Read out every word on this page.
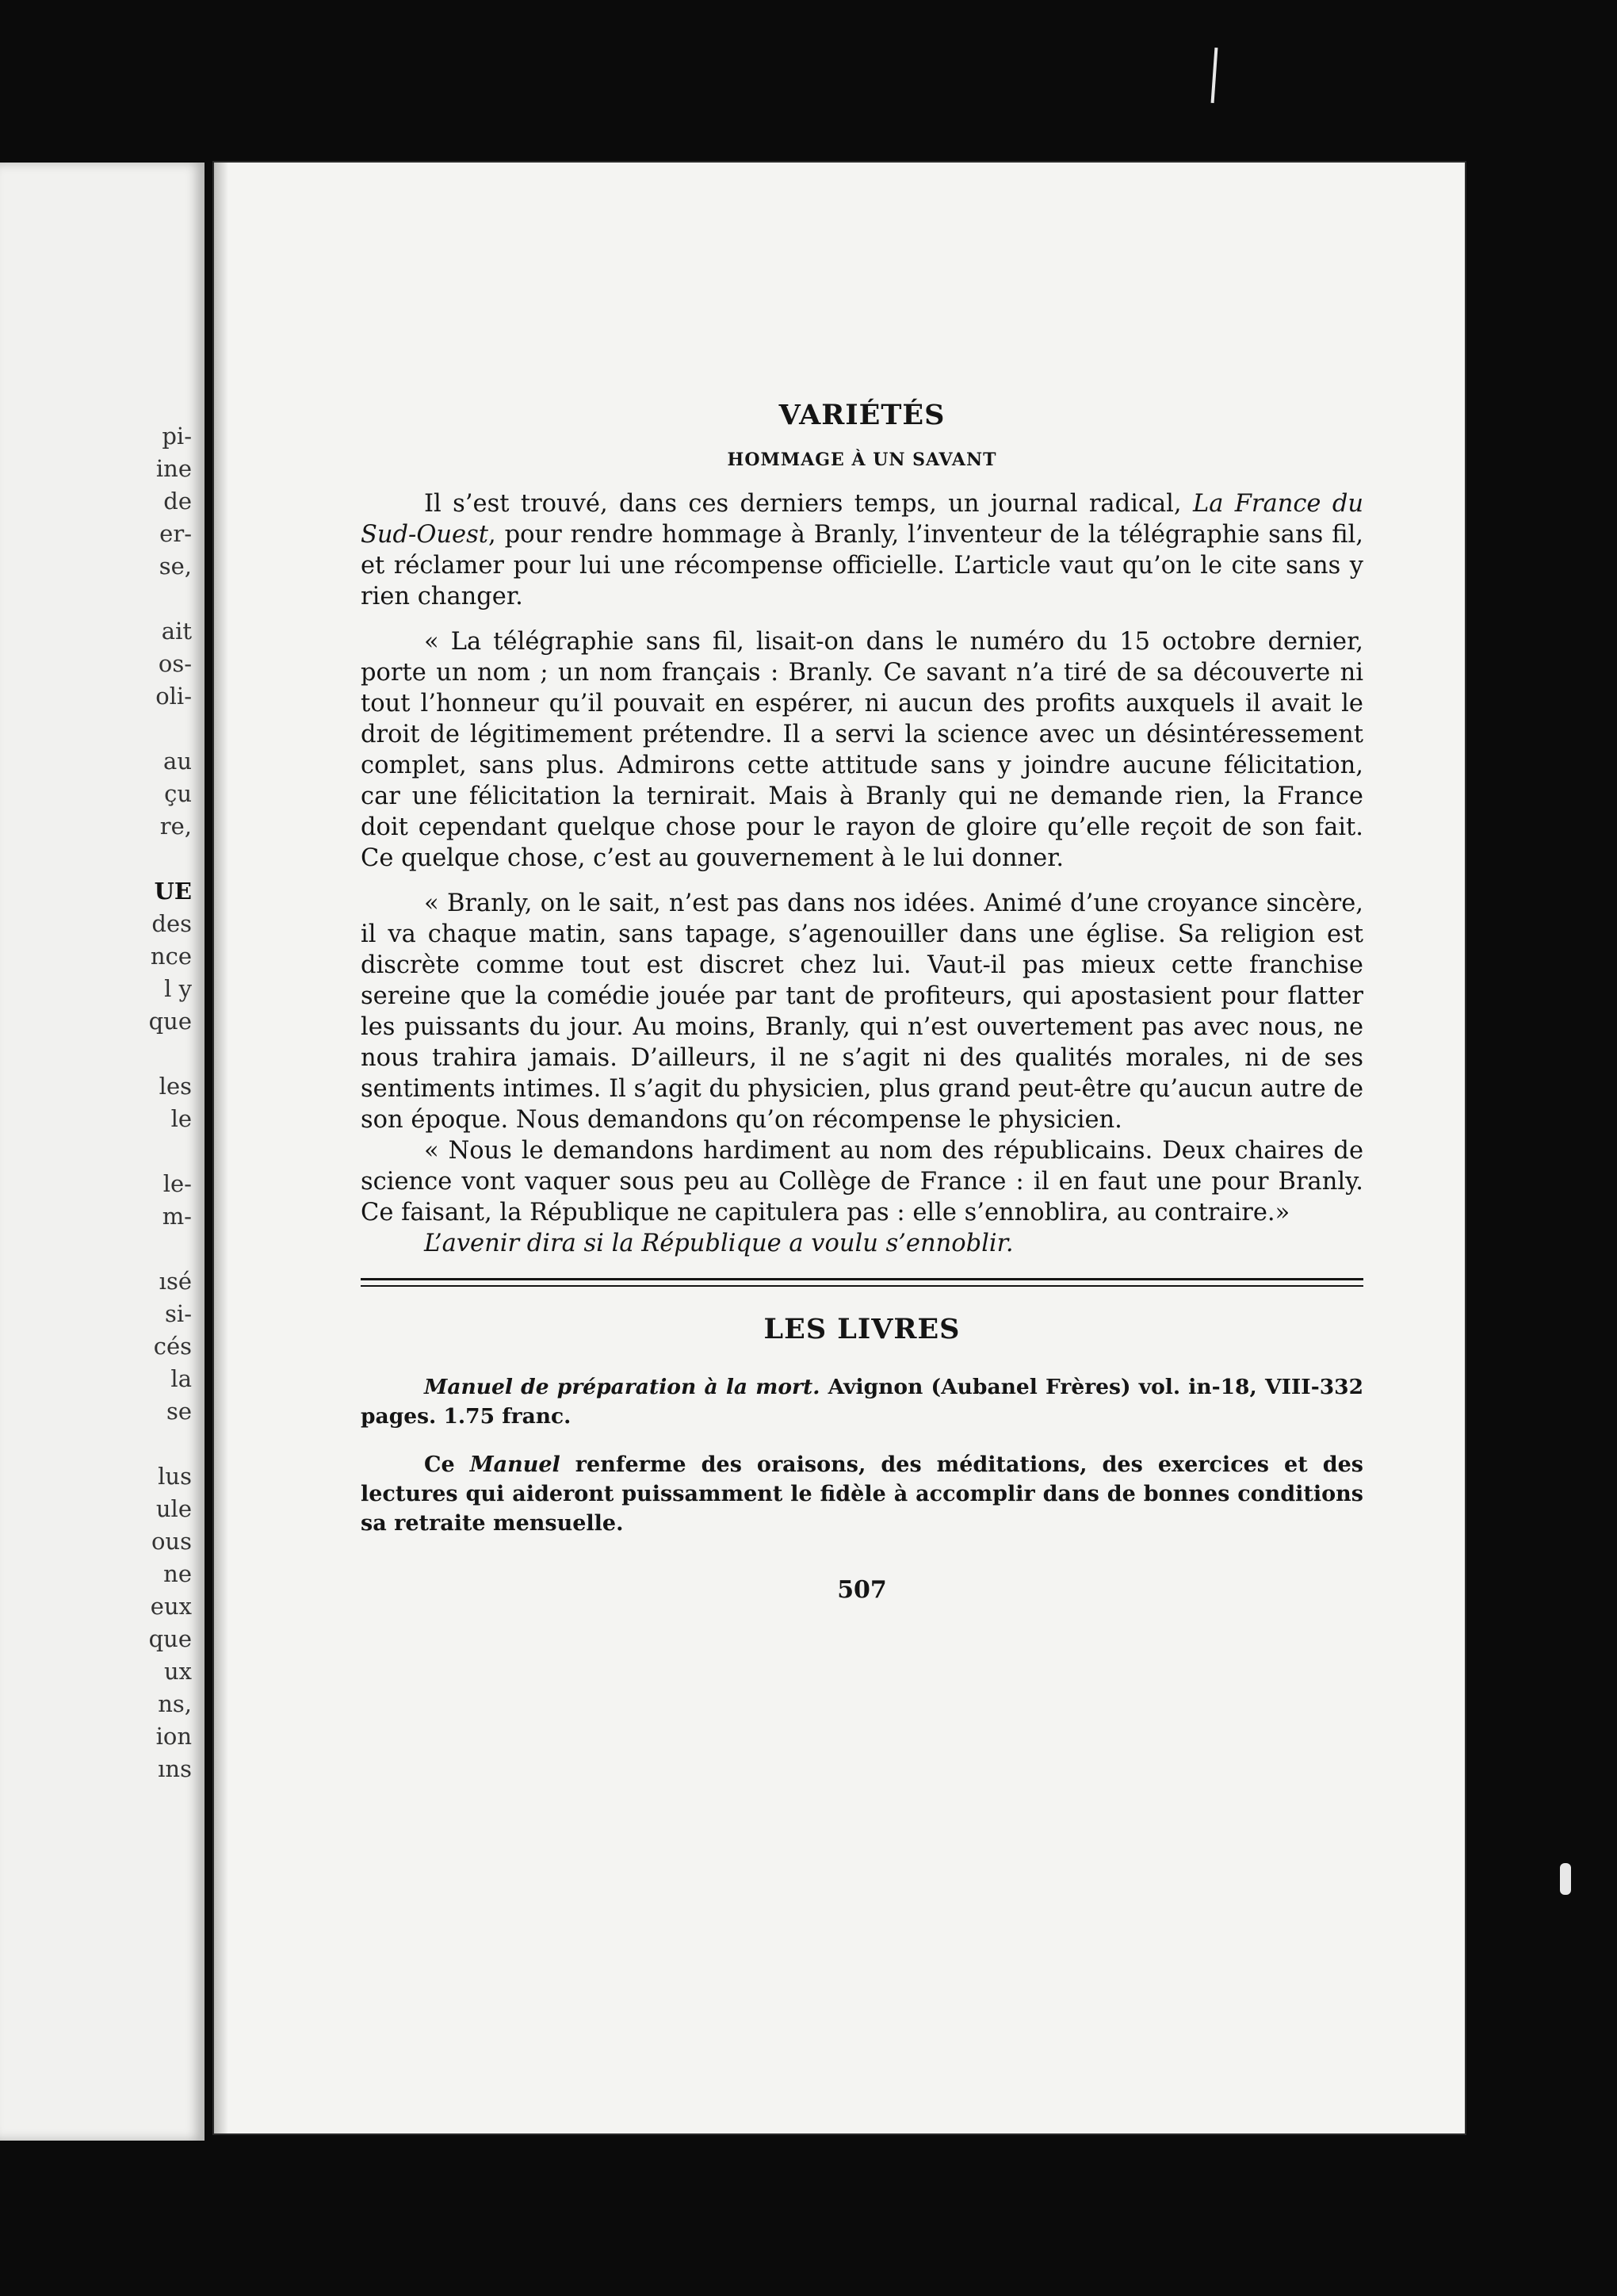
pi-
ine
de
er-
se,
ait
os-
oli-
au
çu
re,
UE
des
nce
l y
que
les
le
le-
m-
ısé
si-
cés
la
se
lus
ule
ous
ne
eux
que
ux
ns,
ion
ıns
VARIÉTÉS
HOMMAGE À UN SAVANT

Il s’est trouvé, dans ces derniers temps, un journal radical, La France du Sud-Ouest, pour rendre hommage à Branly, l’inventeur de la télégraphie sans fil, et réclamer pour lui une récompense officielle. L’article vaut qu’on le cite sans y rien changer.

« La télégraphie sans fil, lisait-on dans le numéro du 15 octobre dernier, porte un nom ; un nom français : Branly. Ce savant n’a tiré de sa découverte ni tout l’honneur qu’il pouvait en espérer, ni aucun des profits auxquels il avait le droit de légitimement prétendre. Il a servi la science avec un désintéressement complet, sans plus. Admirons cette attitude sans y joindre aucune félicitation, car une félicitation la ternirait. Mais à Branly qui ne demande rien, la France doit cependant quelque chose pour le rayon de gloire qu’elle reçoit de son fait. Ce quelque chose, c’est au gouvernement à le lui donner.

« Branly, on le sait, n’est pas dans nos idées. Animé d’une croyance sincère, il va chaque matin, sans tapage, s’agenouiller dans une église. Sa religion est discrète comme tout est discret chez lui. Vaut-il pas mieux cette franchise sereine que la comédie jouée par tant de profiteurs, qui apostasient pour flatter les puissants du jour. Au moins, Branly, qui n’est ouvertement pas avec nous, ne nous trahira jamais. D’ailleurs, il ne s’agit ni des qualités morales, ni de ses sentiments intimes. Il s’agit du physicien, plus grand peut-être qu’aucun autre de son époque. Nous demandons qu’on récompense le physicien.

« Nous le demandons hardiment au nom des républicains. Deux chaires de science vont vaquer sous peu au Collège de France : il en faut une pour Branly. Ce faisant, la République ne capitulera pas : elle s’ennoblira, au contraire.»

L’avenir dira si la République a voulu s’ennoblir.

LES LIVRES

Manuel de préparation à la mort. Avignon (Aubanel Frères) vol. in-18, VIII-332 pages. 1.75 franc.

Ce Manuel renferme des oraisons, des méditations, des exercices et des lectures qui aideront puissamment le fidèle à accomplir dans de bonnes conditions sa retraite mensuelle.

507
